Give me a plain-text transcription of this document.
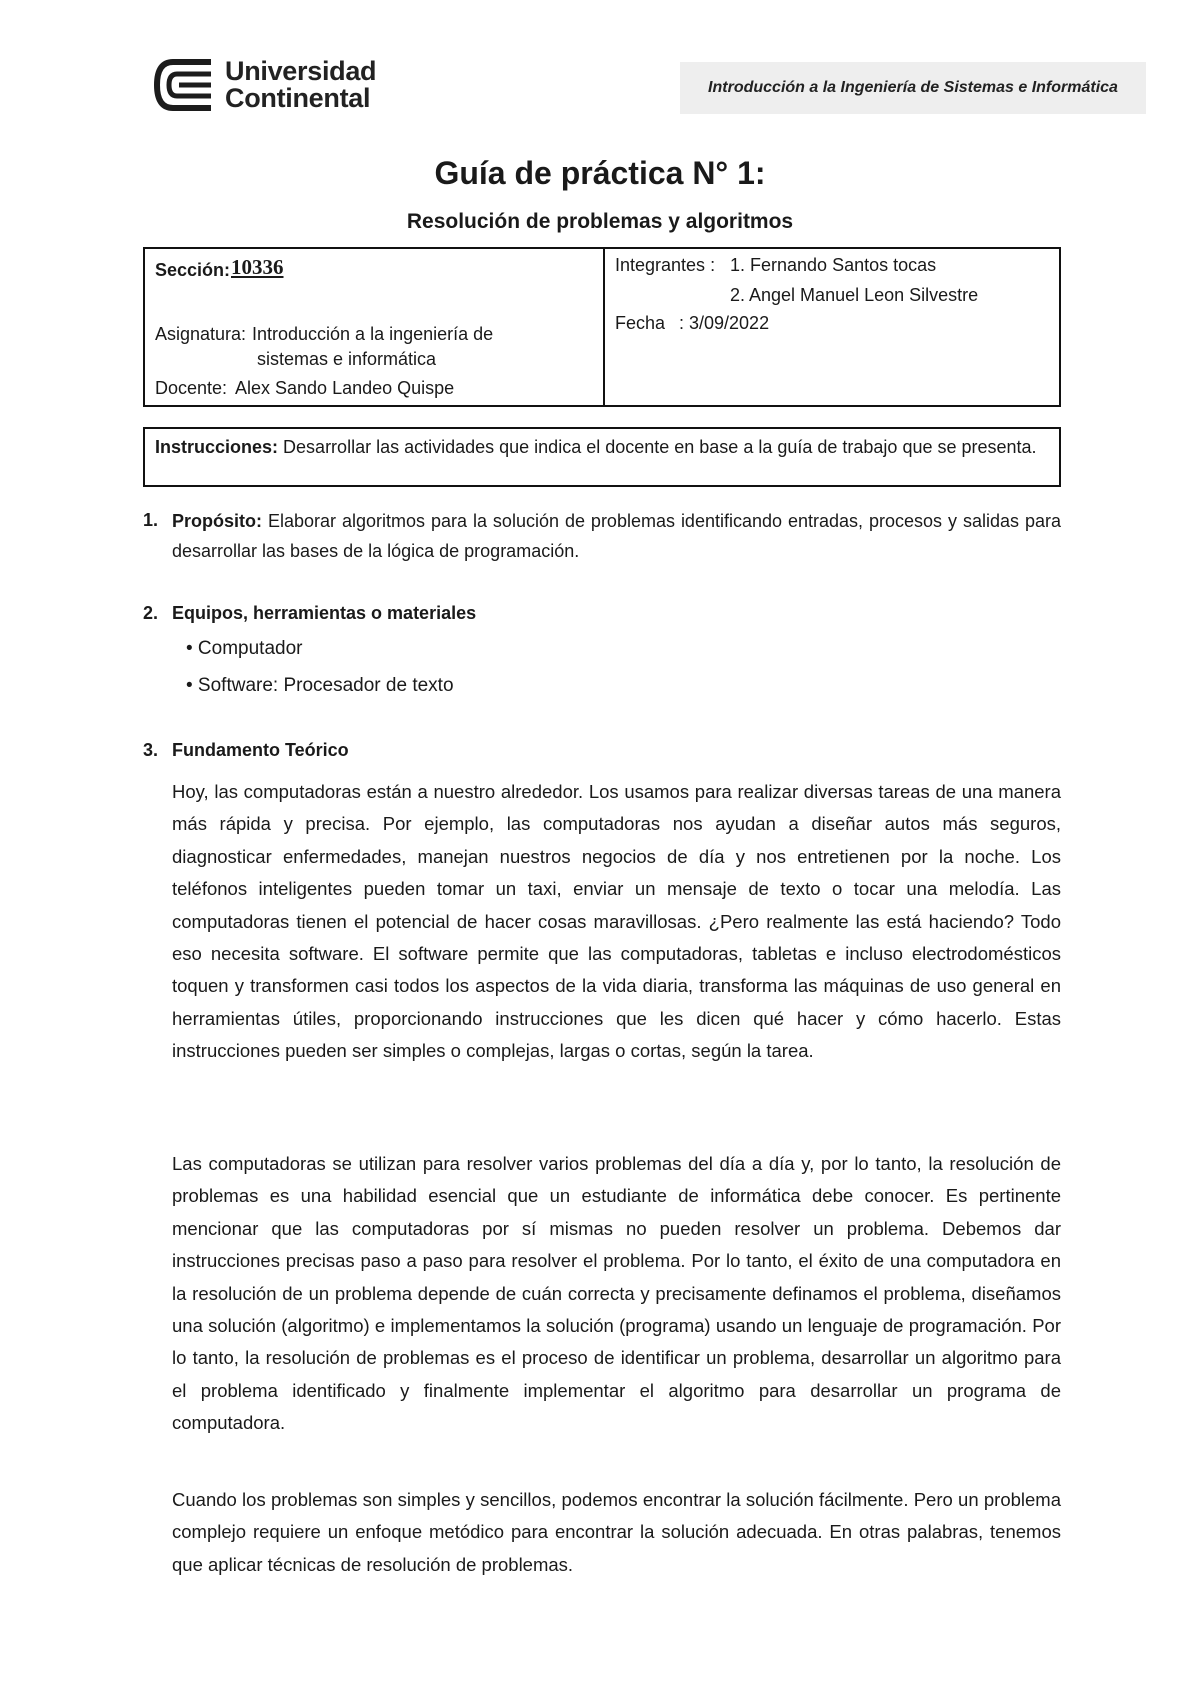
Universidad
Continental	Introducción a la Ingeniería de Sistemas e Informática
Guía de práctica N° 1:
Resolución de problemas y algoritmos
Sección: 10336
Asignatura: Introducción a la ingeniería de
sistemas e informática
Docente: Alex Sando Landeo Quispe
Integrantes : 1. Fernando Santos tocas
2. Angel Manuel Leon Silvestre
Fecha : 3/09/2022
Instrucciones: Desarrollar las actividades que indica el docente en base a la guía de trabajo que se presenta.
1. Propósito: Elaborar algoritmos para la solución de problemas identificando entradas, procesos y salidas para desarrollar las bases de la lógica de programación.
2. Equipos, herramientas o materiales
• Computador
• Software: Procesador de texto
3. Fundamento Teórico

Hoy, las computadoras están a nuestro alrededor. Los usamos para realizar diversas tareas de una manera más rápida y precisa. Por ejemplo, las computadoras nos ayudan a diseñar autos más seguros, diagnosticar enfermedades, manejan nuestros negocios de día y nos entretienen por la noche. Los teléfonos inteligentes pueden tomar un taxi, enviar un mensaje de texto o tocar una melodía. Las computadoras tienen el potencial de hacer cosas maravillosas. ¿Pero realmente las está haciendo? Todo eso necesita software. El software permite que las computadoras, tabletas e incluso electrodomésticos toquen y transformen casi todos los aspectos de la vida diaria, transforma las máquinas de uso general en herramientas útiles, proporcionando instrucciones que les dicen qué hacer y cómo hacerlo. Estas instrucciones pueden ser simples o complejas, largas o cortas, según la tarea.

Las computadoras se utilizan para resolver varios problemas del día a día y, por lo tanto, la resolución de problemas es una habilidad esencial que un estudiante de informática debe conocer. Es pertinente mencionar que las computadoras por sí mismas no pueden resolver un problema. Debemos dar instrucciones precisas paso a paso para resolver el problema. Por lo tanto, el éxito de una computadora en la resolución de un problema depende de cuán correcta y precisamente definamos el problema, diseñamos una solución (algoritmo) e implementamos la solución (programa) usando un lenguaje de programación. Por lo tanto, la resolución de problemas es el proceso de identificar un problema, desarrollar un algoritmo para el problema identificado y finalmente implementar el algoritmo para desarrollar un programa de computadora.

Cuando los problemas son simples y sencillos, podemos encontrar la solución fácilmente. Pero un problema complejo requiere un enfoque metódico para encontrar la solución adecuada. En otras palabras, tenemos que aplicar técnicas de resolución de problemas.
